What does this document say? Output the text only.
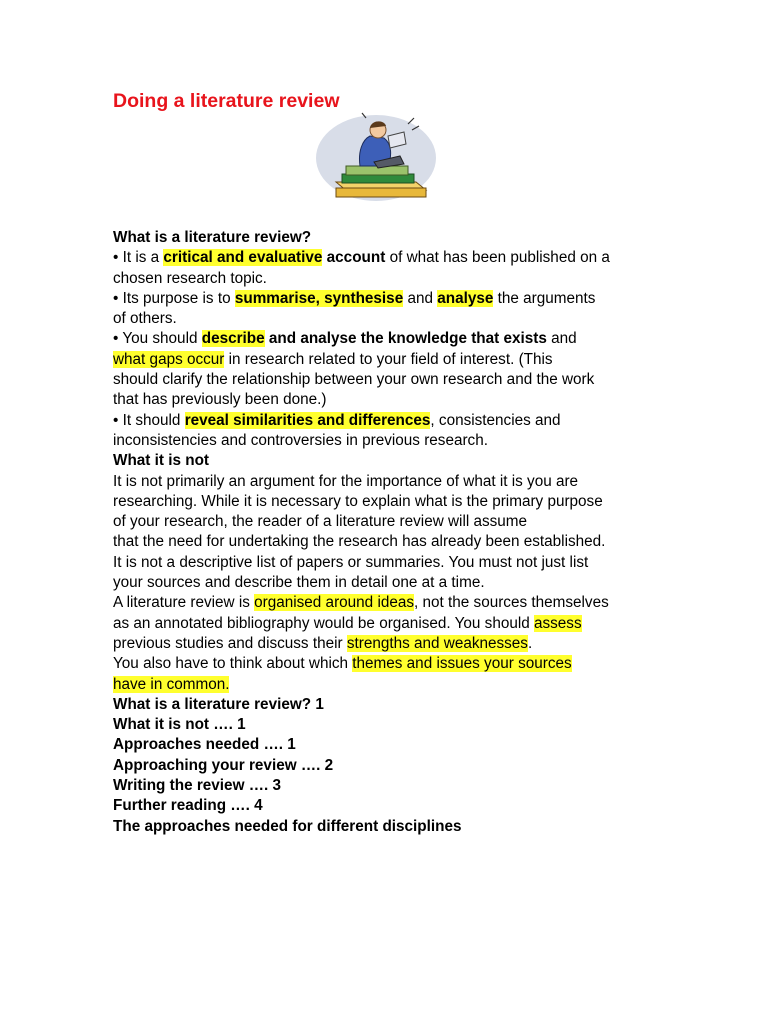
Doing a literature review
What is a literature review?
• It is a critical and evaluative account of what has been published on a
chosen research topic.
• Its purpose is to summarise, synthesise and analyse the arguments
of others.
• You should describe and analyse the knowledge that exists and
what gaps occur in research related to your field of interest. (This
should clarify the relationship between your own research and the work
that has previously been done.)
• It should reveal similarities and differences, consistencies and
inconsistencies and controversies in previous research.
What it is not
It is not primarily an argument for the importance of what it is you are
researching. While it is necessary to explain what is the primary purpose
of your research, the reader of a literature review will assume
that the need for undertaking the research has already been established.
It is not a descriptive list of papers or summaries. You must not just list
your sources and describe them in detail one at a time.
A literature review is organised around ideas, not the sources themselves
as an annotated bibliography would be organised. You should assess
previous studies and discuss their strengths and weaknesses.
You also have to think about which themes and issues your sources
have in common.
What is a literature review? 1
What it is not …. 1
Approaches needed …. 1
Approaching your review …. 2
Writing the review …. 3
Further reading …. 4
The approaches needed for different disciplines
